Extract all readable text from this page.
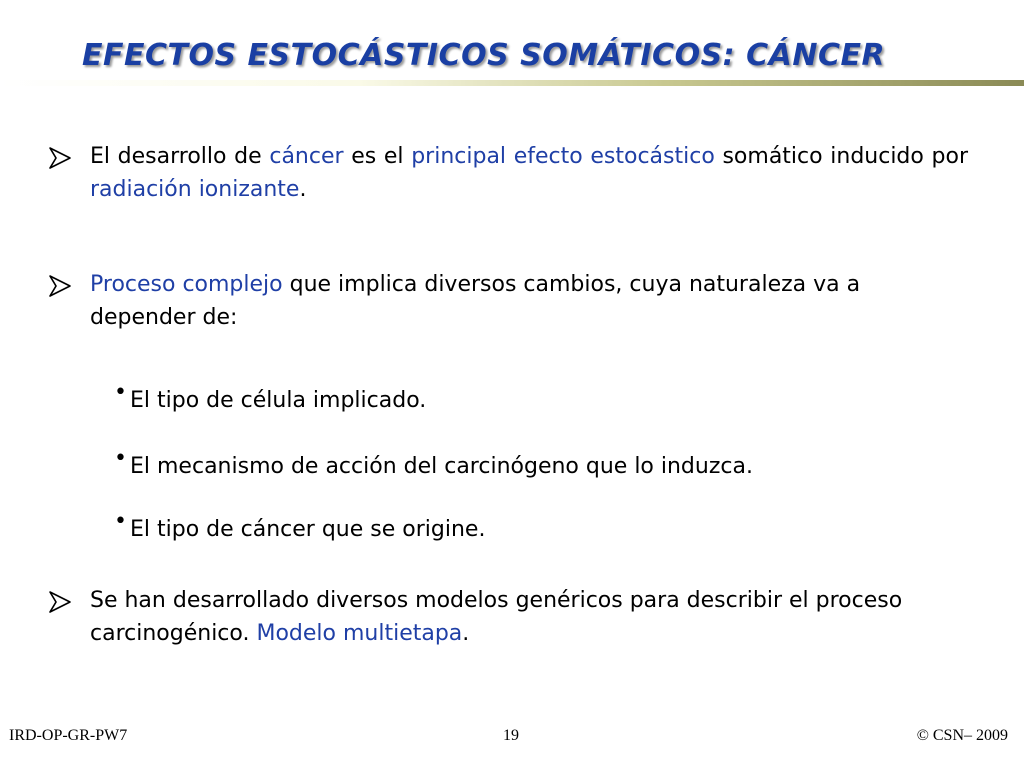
EFECTOS ESTOCÁSTICOS SOMÁTICOS: CÁNCER
El desarrollo de cáncer es el principal efecto estocástico somático inducido por radiación ionizante.
Proceso complejo que implica diversos cambios, cuya naturaleza va a depender de:
• El tipo de célula implicado.
• El mecanismo de acción del carcinógeno que lo induzca.
• El tipo de cáncer que se origine.
Se han desarrollado diversos modelos genéricos para describir el proceso carcinogénico. Modelo multietapa.
IRD-OP-GR-PW7	19	© CSN– 2009
